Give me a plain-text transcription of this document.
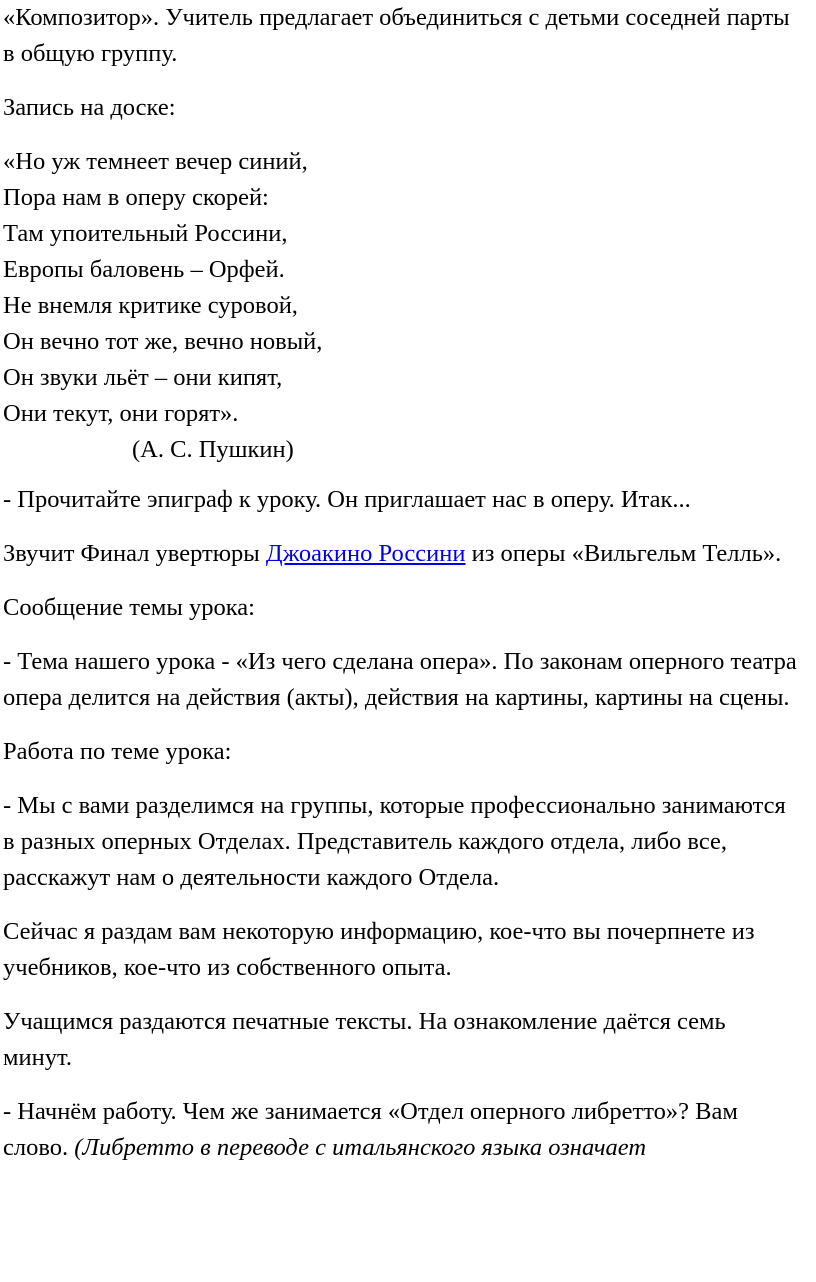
«Композитор». Учитель предлагает объединиться с детьми соседней парты в общую группу.

Запись на доске:

«Но уж темнеет вечер синий,
Пора нам в оперу скорей:
Там упоительный Россини,
Европы баловень – Орфей.
Не внемля критике суровой,
Он вечно тот же, вечно новый,
Он звуки льёт – они кипят,
Они текут, они горят».
(А. С. Пушкин)

- Прочитайте эпиграф к уроку. Он приглашает нас в оперу. Итак...

Звучит Финал увертюры Джоакино Россини из оперы «Вильгельм Телль».

Сообщение темы урока:

- Тема нашего урока - «Из чего сделана опера». По законам оперного театра опера делится на действия (акты), действия на картины, картины на сцены.

Работа по теме урока:

- Мы с вами разделимся на группы, которые профессионально занимаются в разных оперных Отделах. Представитель каждого отдела, либо все, расскажут нам о деятельности каждого Отдела.

Сейчас я раздам вам некоторую информацию, кое-что вы почерпнете из учебников, кое-что из собственного опыта.

Учащимся раздаются печатные тексты. На ознакомление даётся семь минут.

- Начнём работу. Чем же занимается «Отдел оперного либретто»? Вам слово. (Либретто в переводе с итальянского языка означает
